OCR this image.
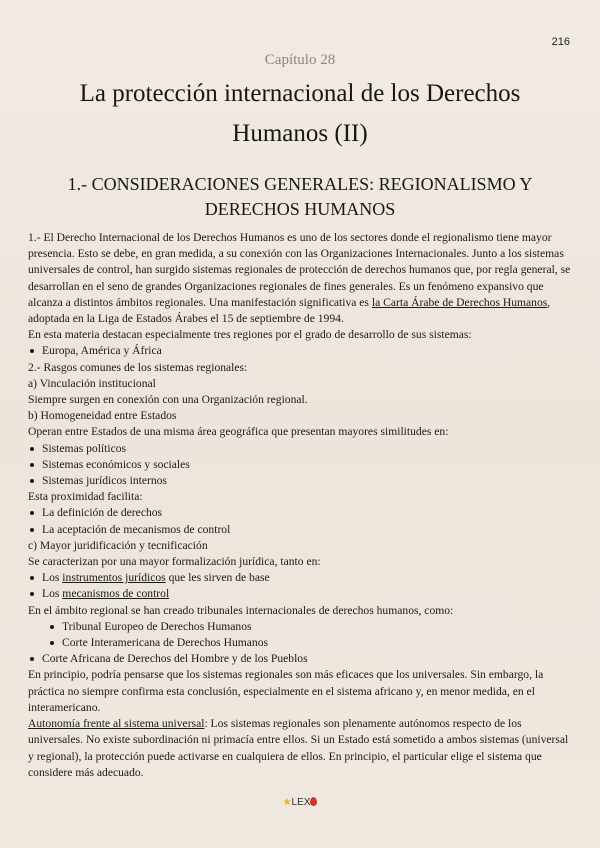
216
Capítulo 28
La protección internacional de los Derechos Humanos (II)
1.- CONSIDERACIONES GENERALES: REGIONALISMO Y DERECHOS HUMANOS

1.- El Derecho Internacional de los Derechos Humanos es uno de los sectores donde el regionalismo tiene mayor presencia. Esto se debe, en gran medida, a su conexión con las Organizaciones Internacionales. Junto a los sistemas universales de control, han surgido sistemas regionales de protección de derechos humanos que, por regla general, se desarrollan en el seno de grandes Organizaciones regionales de fines generales. Es un fenómeno expansivo que alcanza a distintos ámbitos regionales. Una manifestación significativa es la Carta Árabe de Derechos Humanos, adoptada en la Liga de Estados Árabes el 15 de septiembre de 1994.

En esta materia destacan especialmente tres regiones por el grado de desarrollo de sus sistemas:

Europa, América y África

2.- Rasgos comunes de los sistemas regionales:

a) Vinculación institucional

Siempre surgen en conexión con una Organización regional.

b) Homogeneidad entre Estados

Operan entre Estados de una misma área geográfica que presentan mayores similitudes en:

Sistemas políticos
Sistemas económicos y sociales
Sistemas jurídicos internos

Esta proximidad facilita:

La definición de derechos
La aceptación de mecanismos de control

c) Mayor juridificación y tecnificación

Se caracterizan por una mayor formalización jurídica, tanto en:

Los instrumentos jurídicos que les sirven de base
Los mecanismos de control

En el ámbito regional se han creado tribunales internacionales de derechos humanos, como:

Tribunal Europeo de Derechos Humanos
Corte Interamericana de Derechos Humanos
Corte Africana de Derechos del Hombre y de los Pueblos

En principio, podría pensarse que los sistemas regionales son más eficaces que los universales. Sin embargo, la práctica no siempre confirma esta conclusión, especialmente en el sistema africano y, en menor medida, en el interamericano.

Autonomía frente al sistema universal: Los sistemas regionales son plenamente autónomos respecto de los universales. No existe subordinación ni primacía entre ellos. Si un Estado está sometido a ambos sistemas (universal y regional), la protección puede activarse en cualquiera de ellos. En principio, el particular elige el sistema que considere más adecuado.

★LEX
